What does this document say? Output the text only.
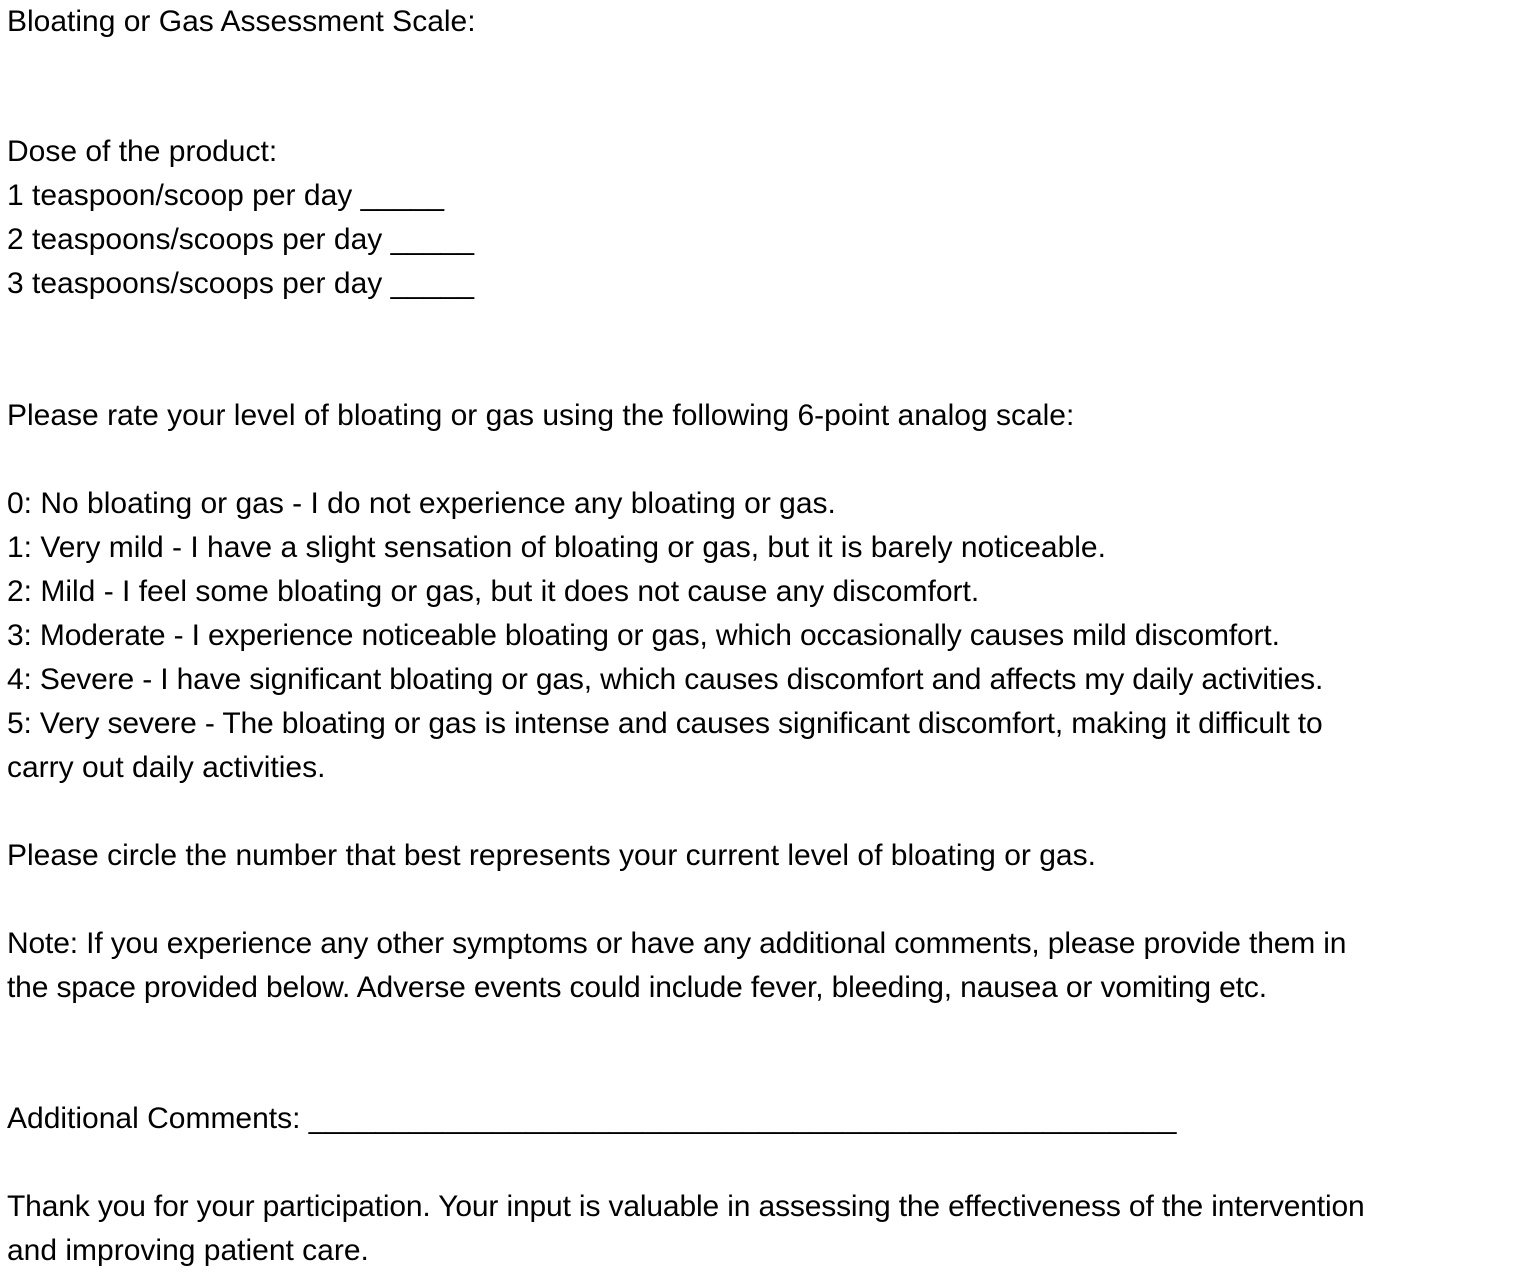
Bloating or Gas Assessment Scale:
Dose of the product:
1 teaspoon/scoop per day _____
2 teaspoons/scoops per day _____
3 teaspoons/scoops per day _____
Please rate your level of bloating or gas using the following 6-point analog scale:
0: No bloating or gas - I do not experience any bloating or gas.
1: Very mild - I have a slight sensation of bloating or gas, but it is barely noticeable.
2: Mild - I feel some bloating or gas, but it does not cause any discomfort.
3: Moderate - I experience noticeable bloating or gas, which occasionally causes mild discomfort.
4: Severe - I have significant bloating or gas, which causes discomfort and affects my daily activities.
5: Very severe - The bloating or gas is intense and causes significant discomfort, making it difficult to
carry out daily activities.
Please circle the number that best represents your current level of bloating or gas.
Note: If you experience any other symptoms or have any additional comments, please provide them in
the space provided below. Adverse events could include fever, bleeding, nausea or vomiting etc.
Additional Comments: ____________________________________________________
Thank you for your participation. Your input is valuable in assessing the effectiveness of the intervention
and improving patient care.
